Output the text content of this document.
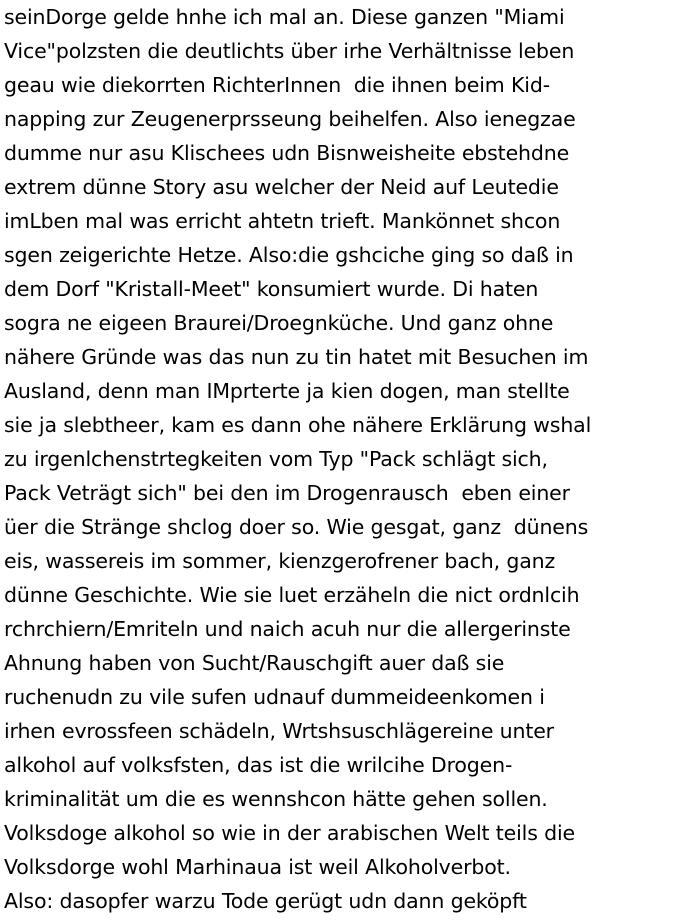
seinDorge gelde hnhe ich mal an. Diese ganzen "Miami
Vice"polzsten die deutlichts über irhe Verhältnisse leben
geau wie diekorrten RichterInnen  die ihnen beim Kid-
napping zur Zeugenerprsseung beihelfen. Also ienegzae
dumme nur asu Klischees udn Bisnweisheite ebstehdne
extrem dünne Story asu welcher der Neid auf Leutedie
imLben mal was erricht ahtetn trieft. Mankönnet shcon
sgen zeigerichte Hetze. Also:die gshciche ging so daß in
dem Dorf "Kristall-Meet" konsumiert wurde. Di haten
sogra ne eigeen Braurei/Droegnküche. Und ganz ohne
nähere Gründe was das nun zu tin hatet mit Besuchen im
Ausland, denn man IMprterte ja kien dogen, man stellte
sie ja slebtheer, kam es dann ohe nähere Erklärung wshal
zu irgenlchenstrtegkeiten vom Typ "Pack schlägt sich,
Pack Veträgt sich" bei den im Drogenrausch  eben einer
üer die Stränge shclog doer so. Wie gesgat, ganz  dünens
eis, wassereis im sommer, kienzgerofrener bach, ganz
dünne Geschichte. Wie sie luet erzäheln die nict ordnlcih
rchrchiern/Emriteln und naich acuh nur die allergerinste
Ahnung haben von Sucht/Rauschgift auer daß sie
ruchenudn zu vile sufen udnauf dummeideenkomen i
irhen evrossfeen schädeln, Wrtshsuschlägereine unter
alkohol auf volksfsten, das ist die wrilcihe Drogen-
kriminalität um die es wennshcon hätte gehen sollen.
Volksdoge alkohol so wie in der arabischen Welt teils die
Volksdorge wohl Marhinaua ist weil Alkoholverbot.
Also: dasopfer warzu Tode gerügt udn dann geköpft
